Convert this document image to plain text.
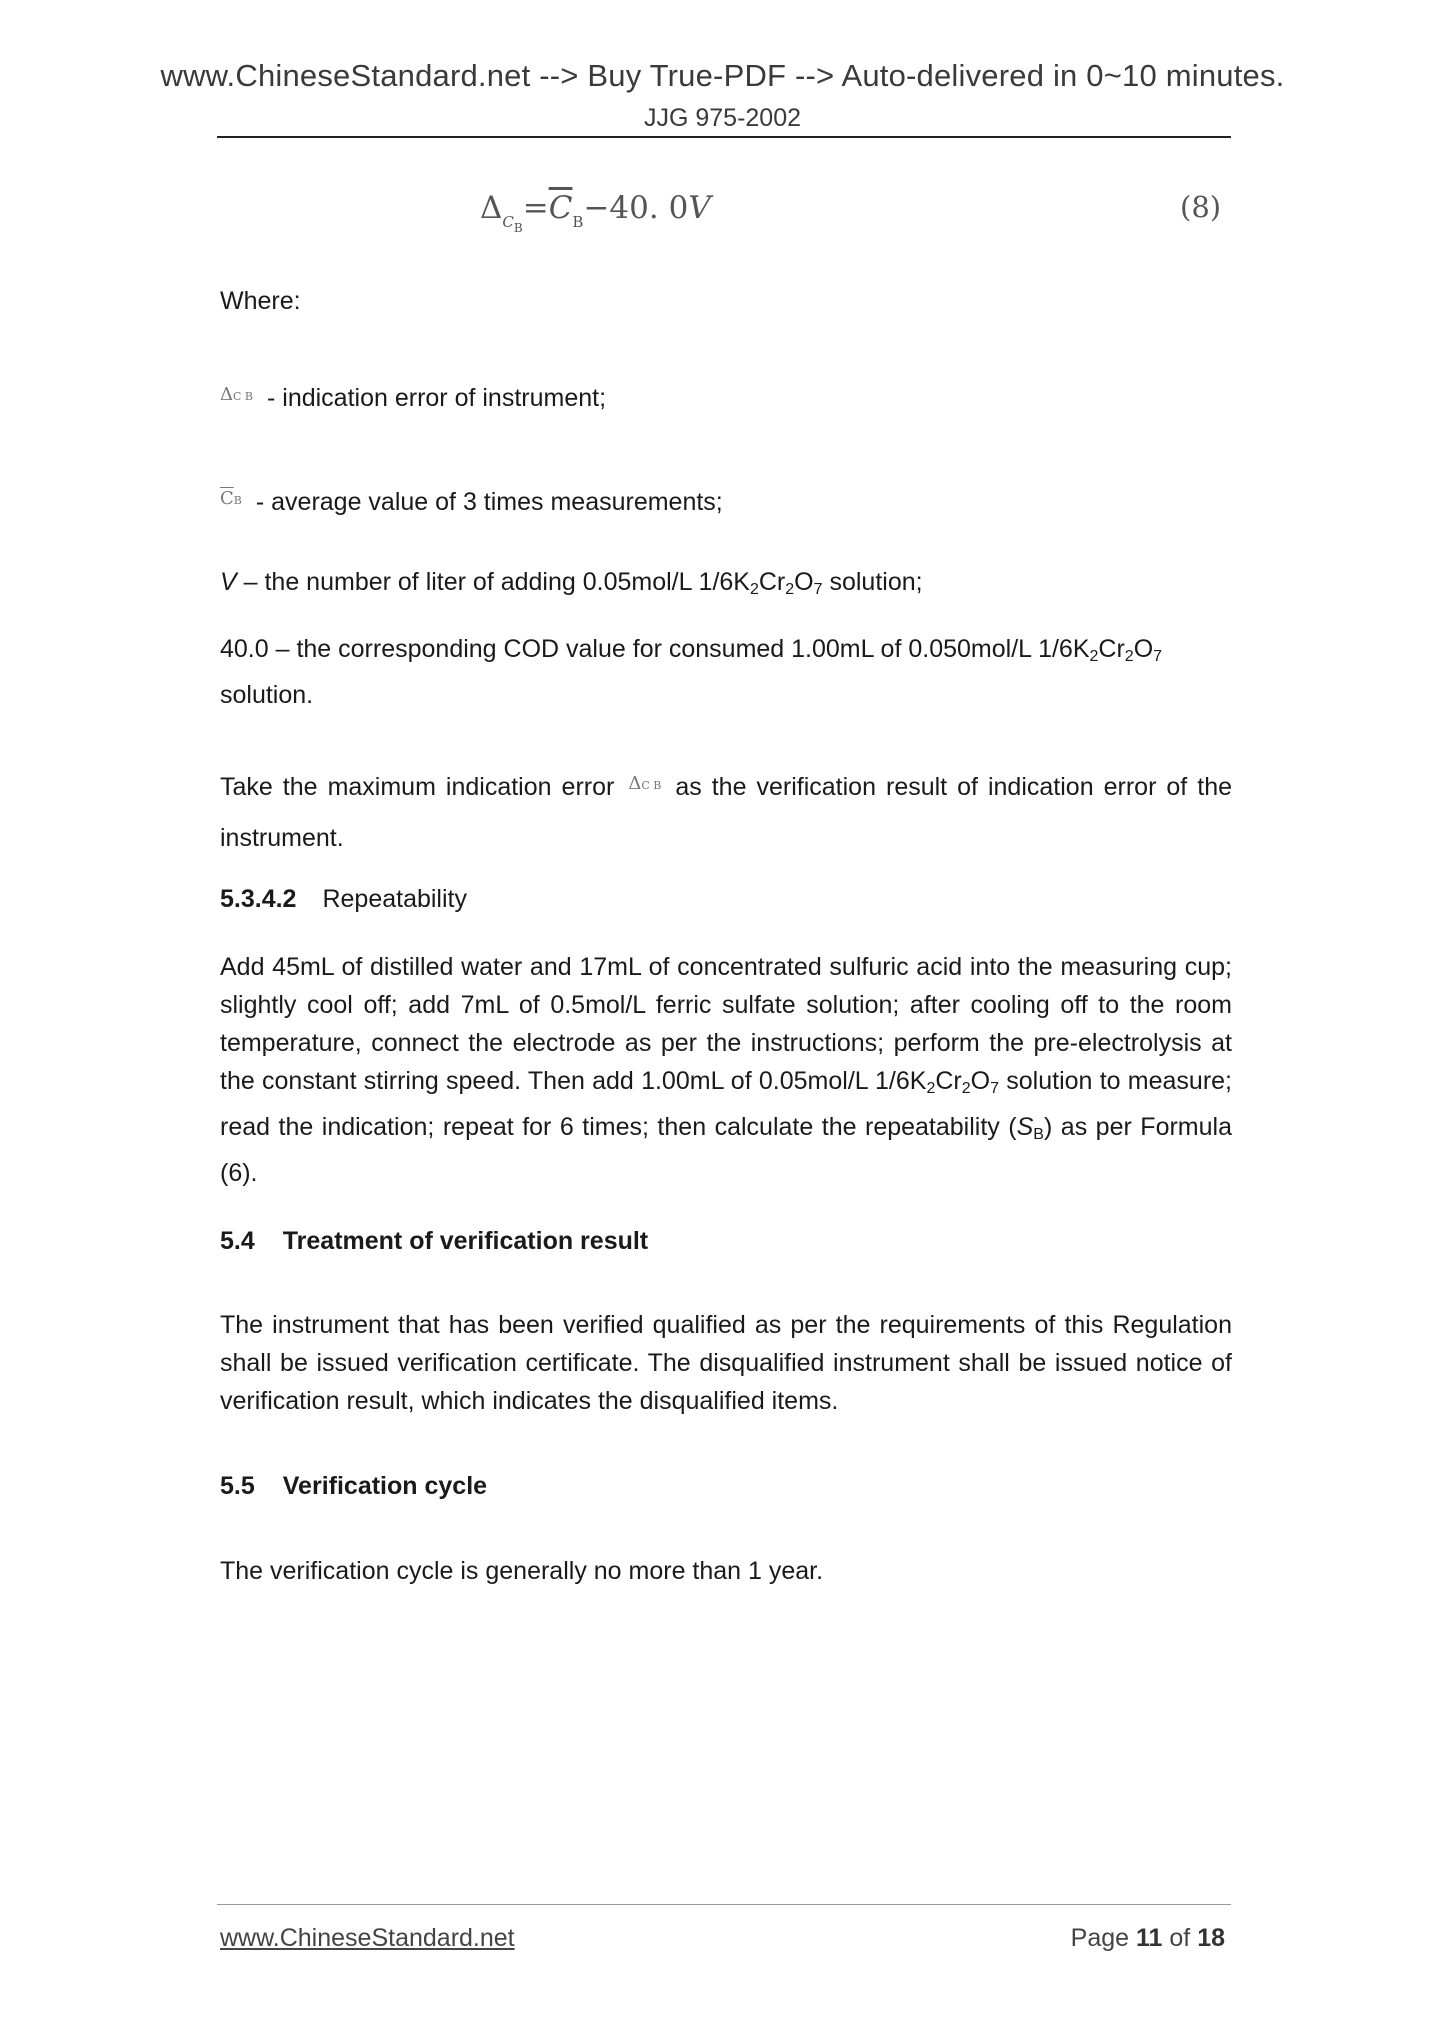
www.ChineseStandard.net --> Buy True-PDF --> Auto-delivered in 0~10 minutes.
JJG 975-2002
$\Delta_{C_B}=\overline{C}_B-40$. 0V	(8)
Where:
ΔC B - indication error of instrument;
$\overline{C}B$ - average value of 3 times measurements;
V – the number of liter of adding 0.05mol/L $1/6K_2Cr_2O_7$ solution;
40.0 – the corresponding COD value for consumed 1.00mL of 0.050mol/L $1/6K_2Cr_2O_7$ solution.
Take the maximum indication error ΔC B as the verification result of indication error of the instrument.
5.3.4.2 Repeatability
Add 45mL of distilled water and 17mL of concentrated sulfuric acid into the measuring cup; slightly cool off; add 7mL of 0.5mol/L ferric sulfate solution; after cooling off to the room temperature, connect the electrode as per the instructions; perform the pre-electrolysis at the constant stirring speed. Then add 1.00mL of 0.05mol/L $1/6K_2Cr_2O_7$ solution to measure; read the indication; repeat for 6 times; then calculate the repeatability $(S_B)$ as per Formula (6).
5.4 Treatment of verification result
The instrument that has been verified qualified as per the requirements of this Regulation shall be issued verification certificate. The disqualified instrument shall be issued notice of verification result, which indicates the disqualified items.
5.5 Verification cycle
The verification cycle is generally no more than 1 year.
www.ChineseStandard.net	Page 11 of 18
